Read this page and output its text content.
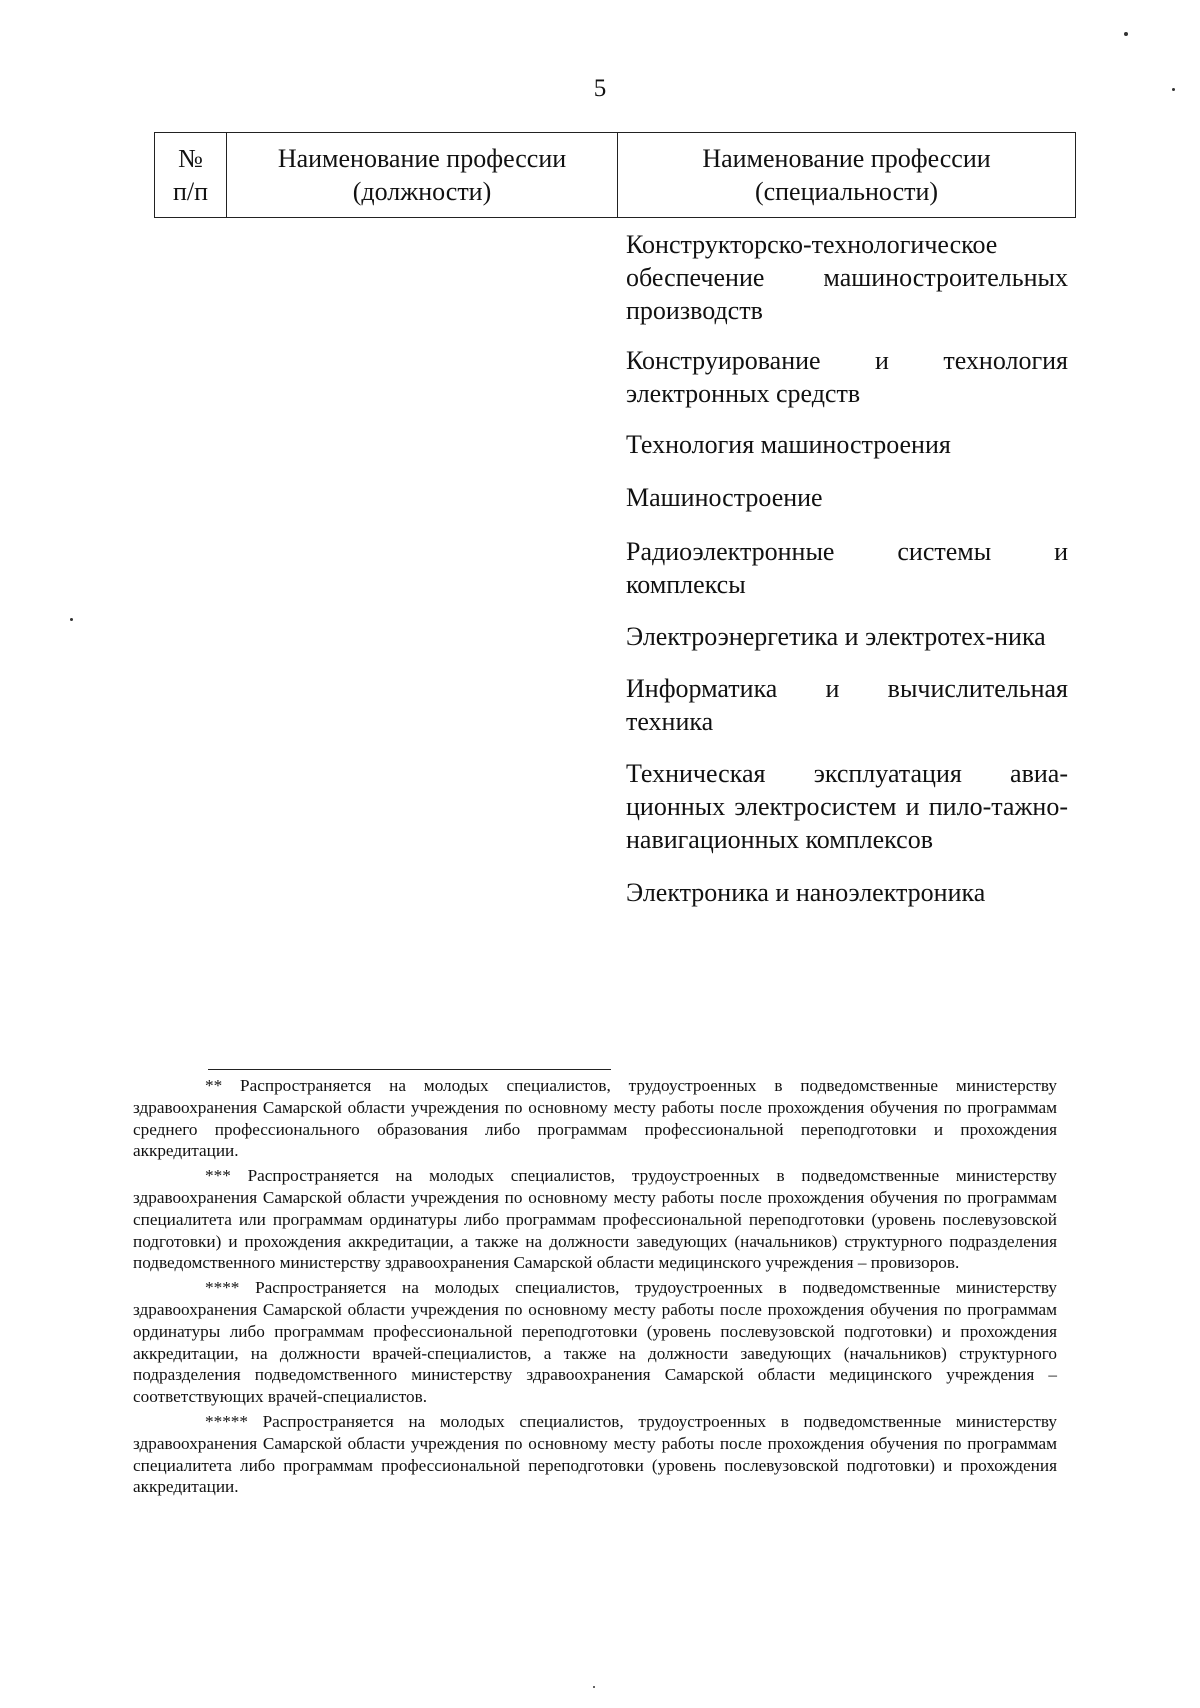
5
№
п/п
Наименование профессии
(должности)
Наименование профессии
(специальности)

Конструкторско-технологическое обеспечение машиностроительных производств

Конструирование и технология электронных средств

Технология машиностроения

Машиностроение

Радиоэлектронные системы и комплексы

Электроэнергетика и электротех-ника

Информатика и вычислительная техника

Техническая эксплуатация авиа-ционных электросистем и пило-тажно-навигационных комплексов

Электроника и наноэлектроника

** Распространяется на молодых специалистов, трудоустроенных в подведомственные министерству здравоохранения Самарской области учреждения по основному месту работы после прохождения обучения по программам среднего профессионального образования либо программам профессиональной переподготовки и прохождения аккредитации.

*** Распространяется на молодых специалистов, трудоустроенных в подведомственные министерству здравоохранения Самарской области учреждения по основному месту работы после прохождения обучения по программам специалитета или программам ординатуры либо программам профессиональной переподготовки (уровень послевузовской подготовки) и прохождения аккредитации, а также на должности заведующих (начальников) структурного подразделения подведомственного министерству здравоохранения Самарской области медицинского учреждения – провизоров.

**** Распространяется на молодых специалистов, трудоустроенных в подведомственные министерству здравоохранения Самарской области учреждения по основному месту работы после прохождения обучения по программам ординатуры либо программам профессиональной переподготовки (уровень послевузовской подготовки) и прохождения аккредитации, на должности врачей-специалистов, а также на должности заведующих (начальников) структурного подразделения подведомственного министерству здравоохранения Самарской области медицинского учреждения – соответствующих врачей-специалистов.

***** Распространяется на молодых специалистов, трудоустроенных в подведомственные министерству здравоохранения Самарской области учреждения по основному месту работы после прохождения обучения по программам специалитета либо программам профессиональной переподготовки (уровень послевузовской подготовки) и прохождения аккредитации.
